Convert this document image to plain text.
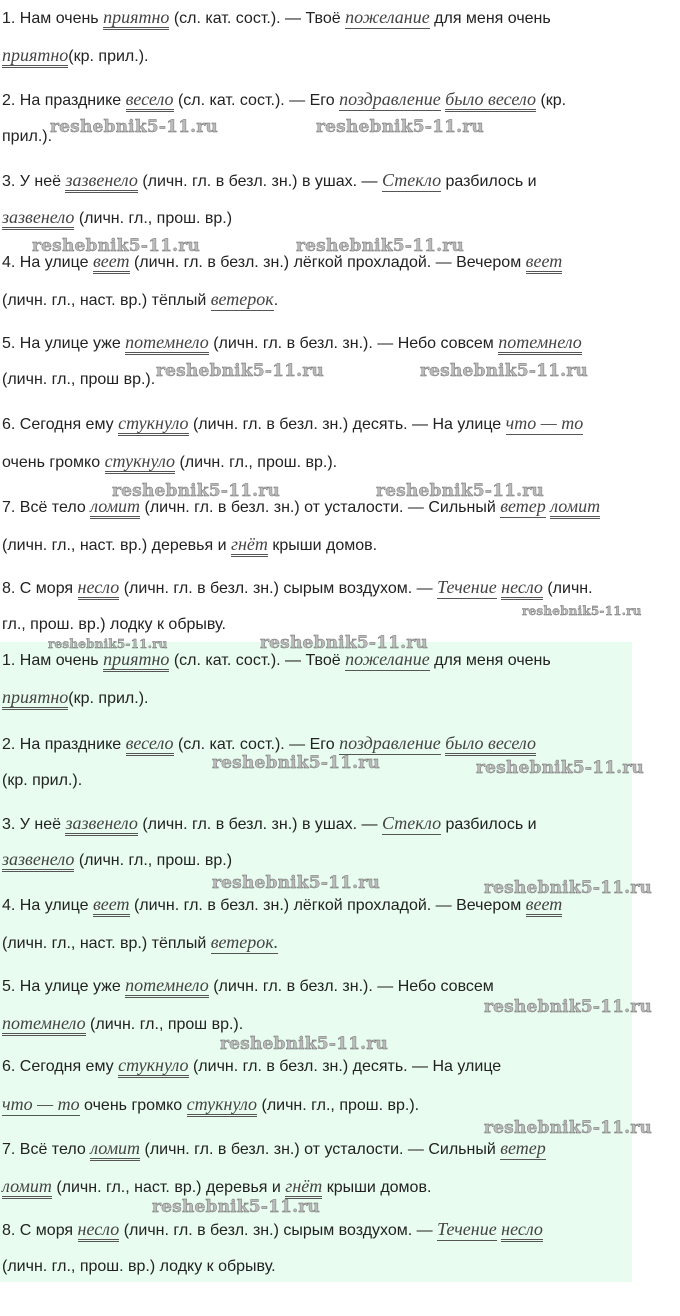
1. Нам очень приятно (сл. кат. сост.). — Твоё пожелание для меня очень
приятно(кр. прил.).
2. На празднике весело (сл. кат. сост.). — Его поздравление было весело (кр.
прил.).
3. У неё зазвенело (личн. гл. в безл. зн.) в ушах. — Стекло разбилось и
зазвенело (личн. гл., прош. вр.)
4. На улице веет (личн. гл. в безл. зн.) лёгкой прохладой. — Вечером веет
(личн. гл., наст. вр.) тёплый ветерок.
5. На улице уже потемнело (личн. гл. в безл. зн.). — Небо совсем потемнело
(личн. гл., прош вр.).
6. Сегодня ему стукнуло (личн. гл. в безл. зн.) десять. — На улице что — то
очень громко стукнуло (личн. гл., прош. вр.).
7. Всё тело ломит (личн. гл. в безл. зн.) от усталости. — Сильный ветер ломит
(личн. гл., наст. вр.) деревья и гнёт крыши домов.
8. С моря несло (личн. гл. в безл. зн.) сырым воздухом. — Течение несло (личн.
гл., прош. вр.) лодку к обрыву.
1. Нам очень приятно (сл. кат. сост.). — Твоё пожелание для меня очень
приятно(кр. прил.).
2. На празднике весело (сл. кат. сост.). — Его поздравление было весело
(кр. прил.).
3. У неё зазвенело (личн. гл. в безл. зн.) в ушах. — Стекло разбилось и
зазвенело (личн. гл., прош. вр.)
4. На улице веет (личн. гл. в безл. зн.) лёгкой прохладой. — Вечером веет
(личн. гл., наст. вр.) тёплый ветерок.
5. На улице уже потемнело (личн. гл. в безл. зн.). — Небо совсем
потемнело (личн. гл., прош вр.).
6. Сегодня ему стукнуло (личн. гл. в безл. зн.) десять. — На улице
что — то очень громко стукнуло (личн. гл., прош. вр.).
7. Всё тело ломит (личн. гл. в безл. зн.) от усталости. — Сильный ветер
ломит (личн. гл., наст. вр.) деревья и гнёт крыши домов.
8. С моря несло (личн. гл. в безл. зн.) сырым воздухом. — Течение несло
(личн. гл., прош. вр.) лодку к обрыву.
reshebnik5-11.ru	reshebnik5-11.ru
reshebnik5-11.ru	reshebnik5-11.ru
reshebnik5-11.ru	reshebnik5-11.ru
reshebnik5-11.ru	reshebnik5-11.ru
reshebnik5-11.ru
reshebnik5-11.ru	reshebnik5-11.ru
reshebnik5-11.ru	reshebnik5-11.ru
reshebnik5-11.ru	reshebnik5-11.ru
reshebnik5-11.ru
reshebnik5-11.ru
reshebnik5-11.ru
reshebnik5-11.ru
